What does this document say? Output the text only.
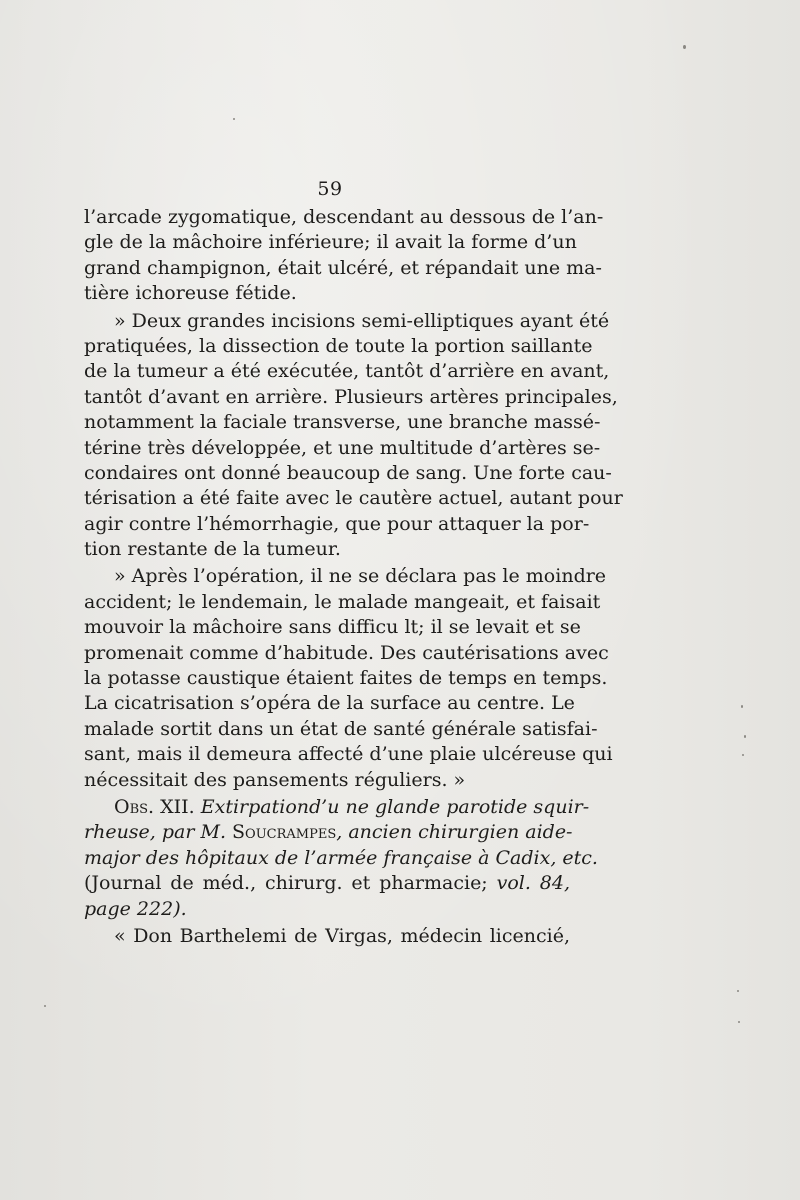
59
l’arcade zygomatique, descendant au dessous de l’an-
gle de la mâchoire inférieure; il avait la forme d’un
grand champignon, était ulcéré, et répandait une ma-
tière ichoreuse fétide.
» Deux grandes incisions semi-elliptiques ayant été
pratiquées, la dissection de toute la portion saillante
de la tumeur a été exécutée, tantôt d’arrière en avant,
tantôt d’avant en arrière. Plusieurs artères principales,
notamment la faciale transverse, une branche massé-
térine très développée, et une multitude d’artères se-
condaires ont donné beaucoup de sang. Une forte cau-
térisation a été faite avec le cautère actuel, autant pour
agir contre l’hémorrhagie, que pour attaquer la por-
tion restante de la tumeur.
» Après l’opération, il ne se déclara pas le moindre
accident; le lendemain, le malade mangeait, et faisait
mouvoir la mâchoire sans difficu lt; il se levait et se
promenait comme d’habitude. Des cautérisations avec
la potasse caustique étaient faites de temps en temps.
La cicatrisation s’opéra de la surface au centre. Le
malade sortit dans un état de santé générale satisfai-
sant, mais il demeura affecté d’une plaie ulcéreuse qui
nécessitait des pansements réguliers. »
Obs. XII. Extirpationd’u ne glande parotide squir-
rheuse, par M. Soucrampes, ancien chirurgien aide-
major des hôpitaux de l’armée française à Cadix, etc.
(Journal de méd., chirurg. et pharmacie; vol. 84,
page 222).
« Don Barthelemi de Virgas, médecin licencié,
